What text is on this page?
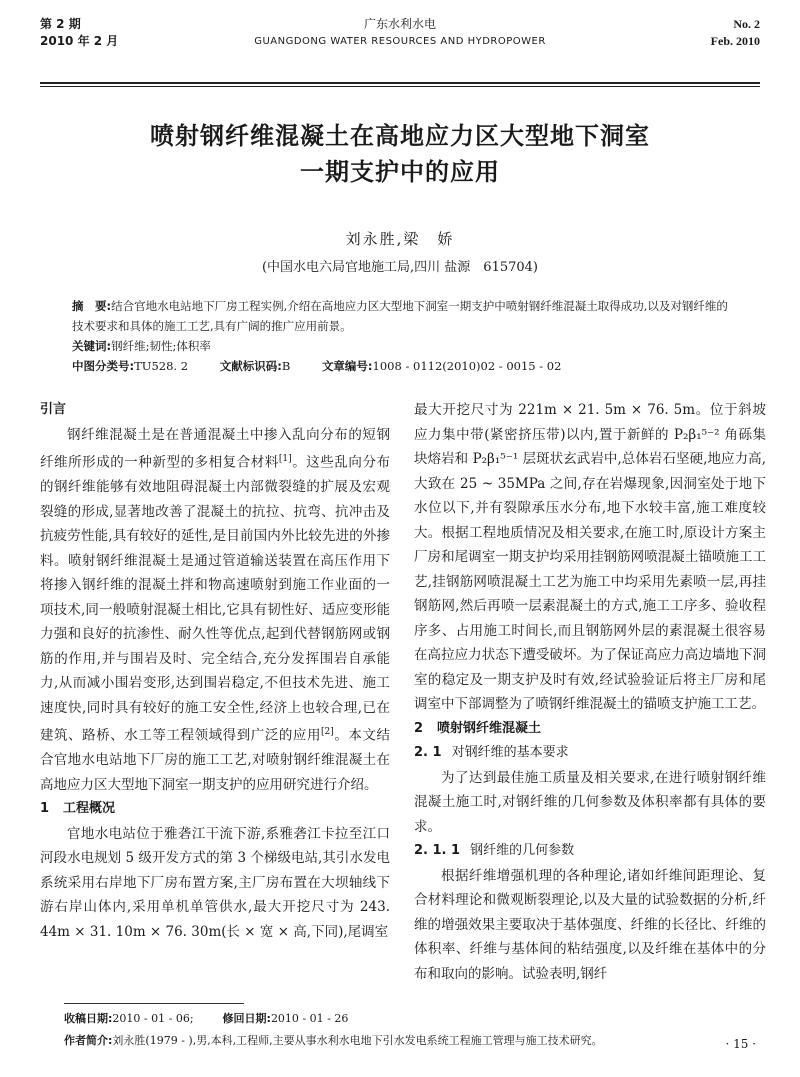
第 2 期
2010 年 2 月
广东水利水电
GUANGDONG WATER RESOURCES AND HYDROPOWER
No. 2
Feb. 2010
喷射钢纤维混凝土在高地应力区大型地下洞室
一期支护中的应用
刘永胜,梁　娇
(中国水电六局官地施工局,四川 盐源　615704)
摘　要:结合官地水电站地下厂房工程实例,介绍在高地应力区大型地下洞室一期支护中喷射钢纤维混凝土取得成功,以及对钢纤维的技术要求和具体的施工工艺,具有广阔的推广应用前景。
关键词:钢纤维;韧性;体积率
中图分类号:TU528. 2	文献标识码:B	文章编号:1008 - 0112(2010)02 - 0015 - 02
引言

钢纤维混凝土是在普通混凝土中掺入乱向分布的短钢纤维所形成的一种新型的多相复合材料[1]。这些乱向分布的钢纤维能够有效地阻碍混凝土内部微裂缝的扩展及宏观裂缝的形成,显著地改善了混凝土的抗拉、抗弯、抗冲击及抗疲劳性能,具有较好的延性,是目前国内外比较先进的外掺料。喷射钢纤维混凝土是通过管道输送装置在高压作用下将掺入钢纤维的混凝土拌和物高速喷射到施工作业面的一项技术,同一般喷射混凝土相比,它具有韧性好、适应变形能力强和良好的抗渗性、耐久性等优点,起到代替钢筋网或钢筋的作用,并与围岩及时、完全结合,充分发挥围岩自承能力,从而减小围岩变形,达到围岩稳定,不但技术先进、施工速度快,同时具有较好的施工安全性,经济上也较合理,已在建筑、路桥、水工等工程领域得到广泛的应用[2]。本文结合官地水电站地下厂房的施工工艺,对喷射钢纤维混凝土在高地应力区大型地下洞室一期支护的应用研究进行介绍。

1 工程概况

官地水电站位于雅砻江干流下游,系雅砻江卡拉至江口河段水电规划 5 级开发方式的第 3 个梯级电站,其引水发电系统采用右岸地下厂房布置方案,主厂房布置在大坝轴线下游右岸山体内,采用单机单管供水,最大开挖尺寸为 243. 44m × 31. 10m × 76. 30m(长 × 宽 × 高,下同),尾调室

最大开挖尺寸为 221m × 21. 5m × 76. 5m。位于斜坡应力集中带(紧密挤压带)以内,置于新鲜的 P₂β₁⁵⁻² 角砾集块熔岩和 P₂β₁⁵⁻¹ 层斑状玄武岩中,总体岩石坚硬,地应力高,大致在 25 ~ 35MPa 之间,存在岩爆现象,因洞室处于地下水位以下,并有裂隙承压水分布,地下水较丰富,施工难度较大。根据工程地质情况及相关要求,在施工时,原设计方案主厂房和尾调室一期支护均采用挂钢筋网喷混凝土锚喷施工工艺,挂钢筋网喷混凝土工艺为施工中均采用先素喷一层,再挂钢筋网,然后再喷一层素混凝土的方式,施工工序多、验收程序多、占用施工时间长,而且钢筋网外层的素混凝土很容易在高拉应力状态下遭受破坏。为了保证高应力高边墙地下洞室的稳定及一期支护及时有效,经试验验证后将主厂房和尾调室中下部调整为了喷钢纤维混凝土的锚喷支护施工工艺。

2 喷射钢纤维混凝土
2. 1 对钢纤维的基本要求

为了达到最佳施工质量及相关要求,在进行喷射钢纤维混凝土施工时,对钢纤维的几何参数及体积率都有具体的要求。

2. 1. 1 钢纤维的几何参数

根据纤维增强机理的各种理论,诸如纤维间距理论、复合材料理论和微观断裂理论,以及大量的试验数据的分析,纤维的增强效果主要取决于基体强度、纤维的长径比、纤维的体积率、纤维与基体间的粘结强度,以及纤维在基体中的分布和取向的影响。试验表明,钢纤

收稿日期:2010 - 01 - 06;	修回日期:2010 - 01 - 26
作者简介:刘永胜(1979 - ),男,本科,工程师,主要从事水利水电地下引水发电系统工程施工管理与施工技术研究。	· 15 ·
